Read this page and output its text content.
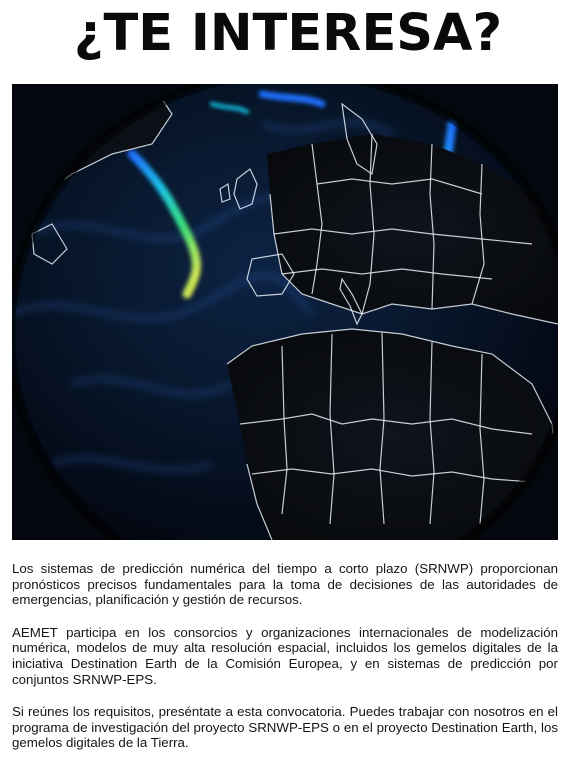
¿TE INTERESA?

Los sistemas de predicción numérica del tiempo a corto plazo (SRNWP) proporcionan pronósticos precisos fundamentales para la toma de decisiones de las autoridades de emergencias, planificación y gestión de recursos.

AEMET participa en los consorcios y organizaciones internacionales de modelización numérica, modelos de muy alta resolución espacial, incluidos los gemelos digitales de la iniciativa Destination Earth de la Comisión Europea, y en sistemas de predicción por conjuntos SRNWP-EPS.

Si reúnes los requisitos, preséntate a esta convocatoria. Puedes trabajar con nosotros en el programa de investigación del proyecto SRNWP-EPS o en el proyecto Destination Earth, los gemelos digitales de la Tierra.
